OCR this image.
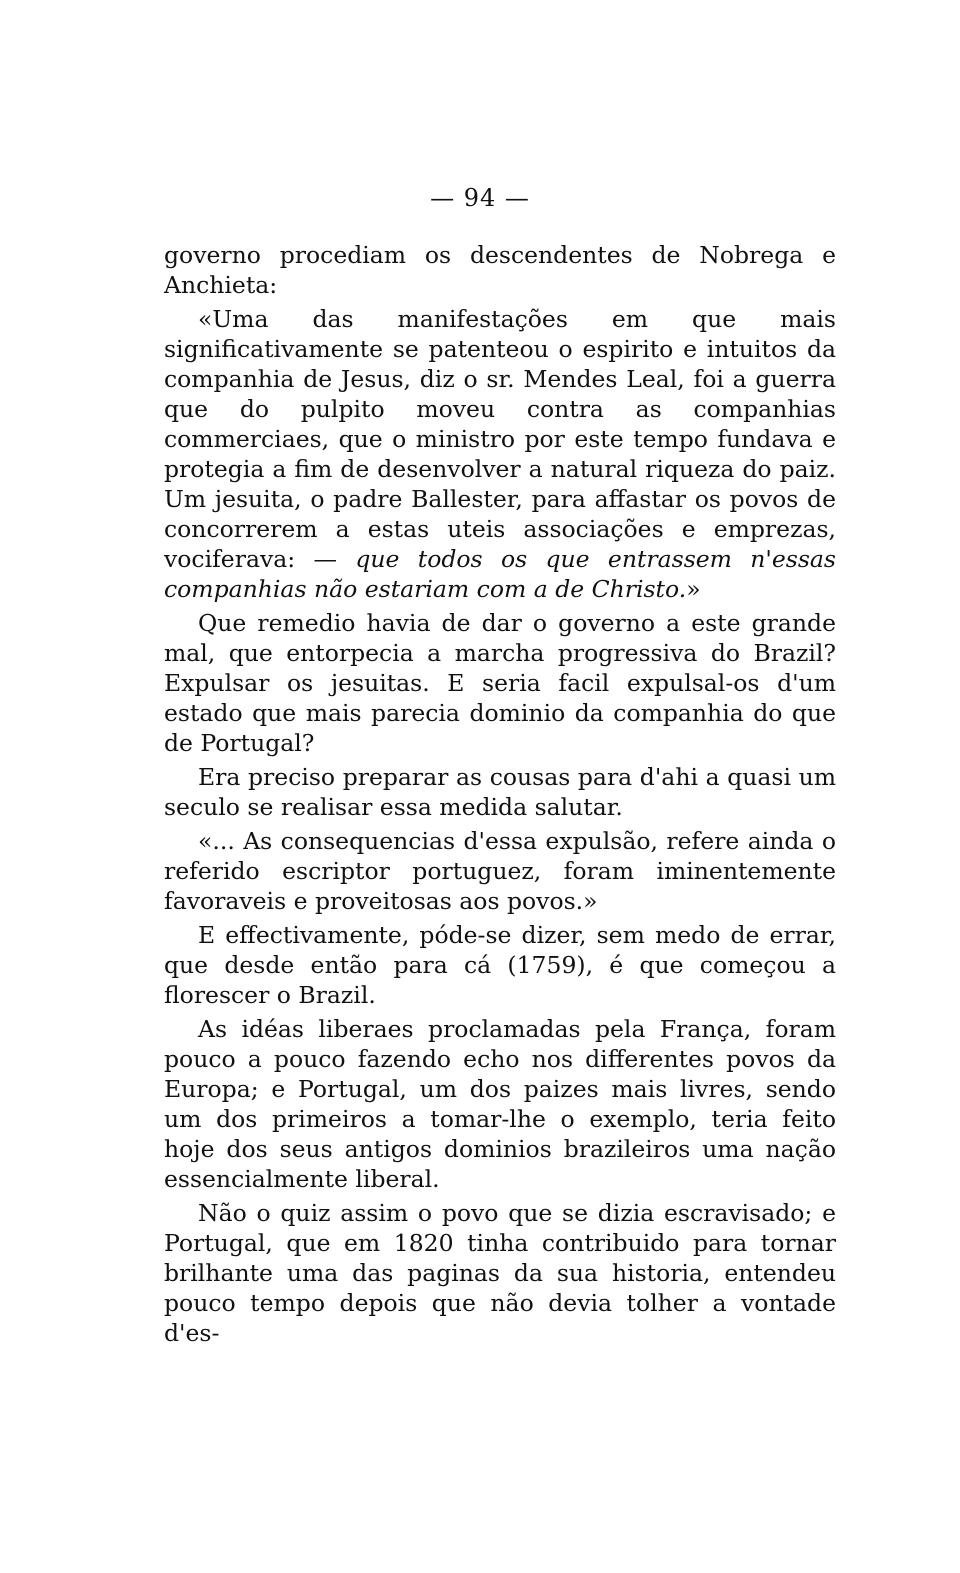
— 94 —

governo procediam os descendentes de Nobrega e Anchieta:

«Uma das manifestações em que mais significativamente se patenteou o espirito e intuitos da companhia de Jesus, diz o sr. Mendes Leal, foi a guerra que do pulpito moveu contra as companhias commerciaes, que o ministro por este tempo fundava e protegia a fim de desenvolver a natural riqueza do paiz. Um jesuita, o padre Ballester, para affastar os povos de concorrerem a estas uteis associações e emprezas, vociferava: — que todos os que entrassem n'essas companhias não estariam com a de Christo.»

Que remedio havia de dar o governo a este grande mal, que entorpecia a marcha progressiva do Brazil? Expulsar os jesuitas. E seria facil expulsal-os d'um estado que mais parecia dominio da companhia do que de Portugal?

Era preciso preparar as cousas para d'ahi a quasi um seculo se realisar essa medida salutar.

«... As consequencias d'essa expulsão, refere ainda o referido escriptor portuguez, foram iminentemente favoraveis e proveitosas aos povos.»

E effectivamente, póde-se dizer, sem medo de errar, que desde então para cá (1759), é que começou a florescer o Brazil.

As idéas liberaes proclamadas pela França, foram pouco a pouco fazendo echo nos differentes povos da Europa; e Portugal, um dos paizes mais livres, sendo um dos primeiros a tomar-lhe o exemplo, teria feito hoje dos seus antigos dominios brazileiros uma nação essencialmente liberal.

Não o quiz assim o povo que se dizia escravisado; e Portugal, que em 1820 tinha contribuido para tornar brilhante uma das paginas da sua historia, entendeu pouco tempo depois que não devia tolher a vontade d'es-
